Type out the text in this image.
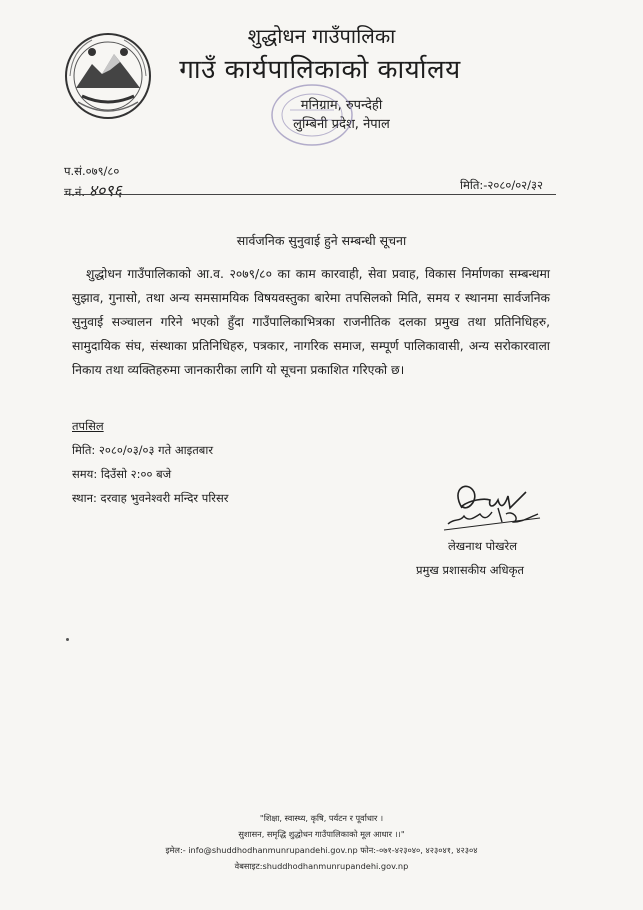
शुद्धोधन गाउँपालिका
गाउँ कार्यपालिकाको कार्यालय
मनिग्राम, रुपन्देही
लुम्बिनी प्रदेश, नेपाल
प.सं.०७९/८०
च.नं. ४०९६	मिति:-२०८०/०२/३२
सार्वजनिक सुनुवाई हुने सम्बन्धी सूचना
शुद्धोधन गाउँपालिकाको आ.व. २०७९/८० का काम कारवाही, सेवा प्रवाह, विकास निर्माणका सम्बन्धमा सुझाव, गुनासो, तथा अन्य समसामयिक विषयवस्तुका बारेमा तपसिलको मिति, समय र स्थानमा सार्वजनिक सुनुवाई सञ्चालन गरिने भएको हुँदा गाउँपालिकाभित्रका राजनीतिक दलका प्रमुख तथा प्रतिनिधिहरु, सामुदायिक संघ, संस्थाका प्रतिनिधिहरु, पत्रकार, नागरिक समाज, सम्पूर्ण पालिकावासी, अन्य सरोकारवाला निकाय तथा व्यक्तिहरुमा जानकारीका लागि यो सूचना प्रकाशित गरिएको छ।
तपसिल
मिति: २०८०/०३/०३ गते आइतबार
समय: दिउँसो २:०० बजे
स्थान: दरवाह भुवनेश्वरी मन्दिर परिसर
लेखनाथ पोखरेल
प्रमुख प्रशासकीय अधिकृत
"शिक्षा, स्वास्थ्य, कृषि, पर्यटन र पूर्वाधार ।
सुशासन, समृद्धि शुद्धोधन गाउँपालिकाको मूल आधार ।।"
इमेल:- info@shuddhodhanmunrupandehi.gov.np फोन:-०७१-४२३०४०, ४२३०४१, ४२३०४
वेबसाइट:shuddhodhanmunrupandehi.gov.np
